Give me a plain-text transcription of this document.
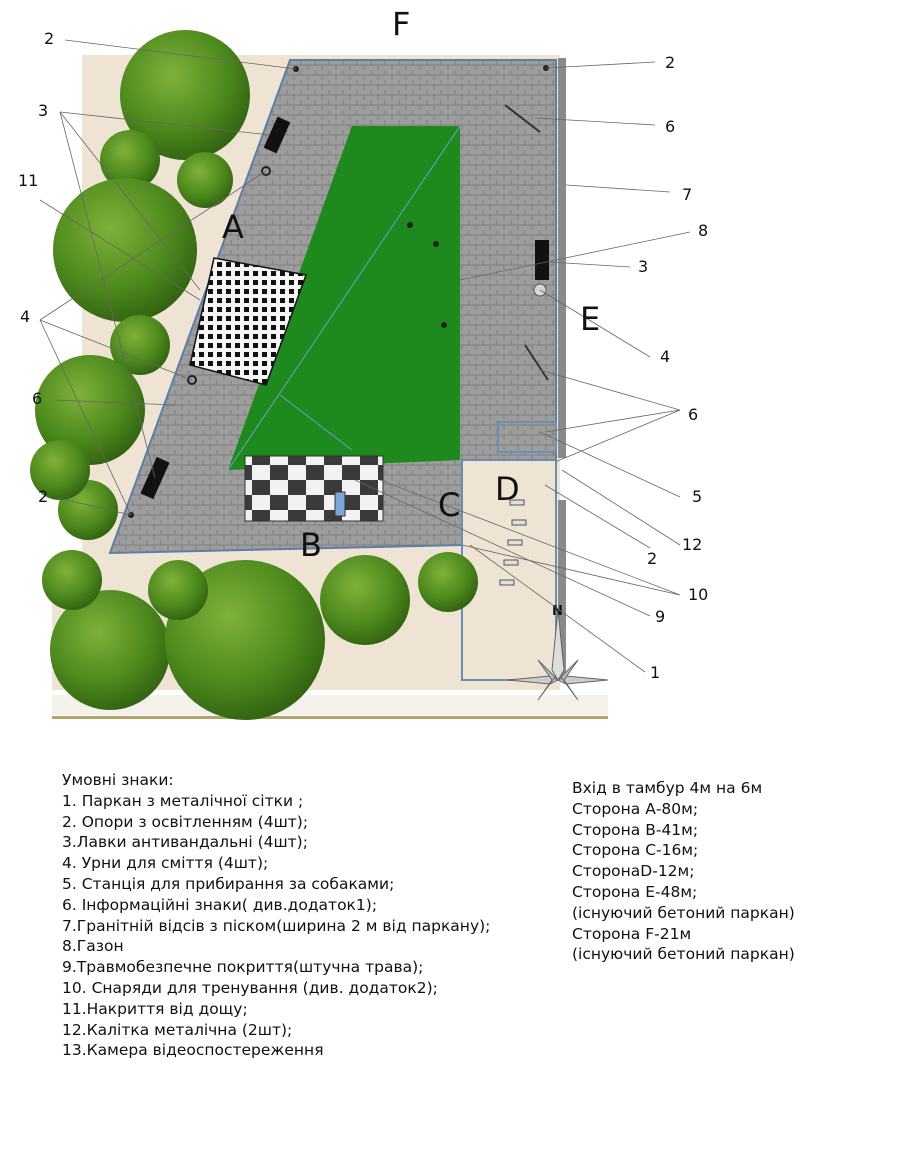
N
F
A
B
C D
E
2
3
11
4
6
2
2
6
7
8
3
4
6
5
2
12
10
9
1
Умовні знаки:
1. Паркан з металічної сітки ;
2. Опори з освітленням (4шт);
3.Лавки антивандальні (4шт);
4. Урни для сміття (4шт);
5. Станція для прибирання за собаками;
6. Інформаційні знаки( див.додаток1);
7.Гранітній відсів з піском(ширина 2 м від паркану);
8.Газон
9.Травмобезпечне покриття(штучна трава);
10. Снаряди для тренування (див. додаток2);
11.Накриття від дощу;
12.Калітка металічна (2шт);
13.Камера відеоспостереження
Вхід в тамбур 4м на 6м
Сторона А-80м;
Сторона В-41м;
Сторона С-16м;
СторонаD-12м;
Сторона Е-48м;
(існуючий бетоний паркан)
Сторона F-21м
(існуючий бетоний паркан)
